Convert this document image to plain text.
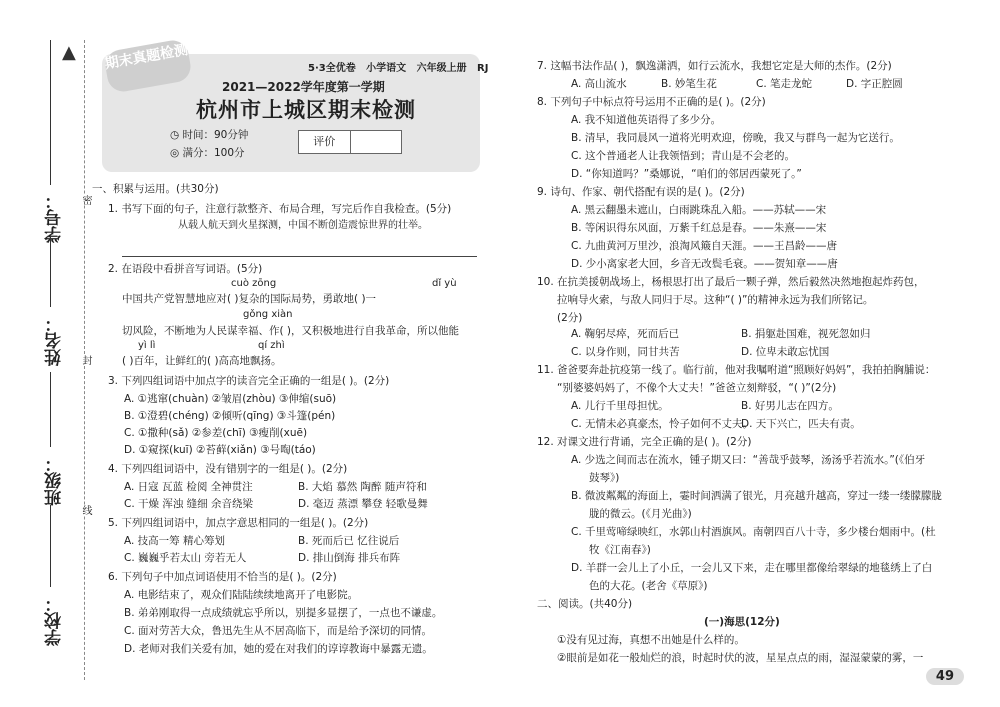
▲
学号：
姓名：
班级：
学校：
密
封
线
期末真题检测	5·3全优卷   小学语文   六年级上册   RJ
2021—2022学年度第一学期
杭州市上城区期末检测
◷ 时间：90分钟
◎ 满分：100分
评价
一、积累与运用。(共30分)
1. 书写下面的句子，注意行款整齐、布局合理，写完后作自我检查。(5分)
从载人航天到火星探测，中国不断创造震惊世界的壮举。
2. 在语段中看拼音写词语。(5分)
cuò zōng	dǐ yù
中国共产党智慧地应对( )复杂的国际局势，勇敢地( )一
gǒng xiàn
切风险，不断地为人民谋幸福、作( )，又积极地进行自我革命，所以他能
yì lì	qí zhì
( )百年，让鲜红的( )高高地飘扬。
3. 下列四组词语中加点字的读音完全正确的一组是( )。(2分)
A. ①逃窜(chuàn) ②皱眉(zhòu) ③伸缩(suō)
B. ①澄碧(chéng) ②倾听(qīng) ③斗篷(pén)
C. ①撒种(sǎ) ②参差(chī) ③瘦削(xuē)
D. ①窥探(kuī) ②苔藓(xiǎn) ③号啕(táo)
4. 下列四组词语中，没有错别字的一组是( )。(2分)
A. 日寇 瓦蓝 检阅 全神贯注	B. 大焰 慕然 陶醉 随声符和
C. 干燥 浑浊 缝细 余音绕梁	D. 毫迈 蒸漂 攀登 轻歌曼舞
5. 下列四组词语中，加点字意思相同的一组是( )。(2分)
A. 技高一筹 精心筹划	B. 死而后已 忆往说后
C. 巍巍乎若太山 旁若无人	D. 排山倒海 排兵布阵
6. 下列句子中加点词语使用不恰当的是( )。(2分)
A. 电影结束了，观众们陆陆续续地离开了电影院。
B. 弟弟刚取得一点成绩就忘乎所以，别提多显摆了，一点也不谦虚。
C. 面对劳苦大众，鲁迅先生从不居高临下，而是给予深切的同情。
D. 老师对我们关爱有加，她的爱在对我们的谆谆教诲中暴露无遗。
7. 这幅书法作品( )，飘逸潇洒，如行云流水，我想它定是大师的杰作。(2分)
A. 高山流水	B. 妙笔生花	C. 笔走龙蛇	D. 字正腔圆
8. 下列句子中标点符号运用不正确的是( )。(2分)
A. 我不知道他英语得了多少分。
B. 清早，我同晨风一道将光明欢迎，傍晚，我又与群鸟一起为它送行。
C. 这个普通老人让我领悟到；青山是不会老的。
D. “你知道吗？”桑娜说，“咱们的邻居西蒙死了。”
9. 诗句、作家、朝代搭配有误的是( )。(2分)
A. 黑云翻墨未遮山，白雨跳珠乱入船。——苏轼——宋
B. 等闲识得东风面，万紫千红总是春。——朱熹——宋
C. 九曲黄河万里沙，浪淘风簸自天涯。——王昌龄——唐
D. 少小离家老大回，乡音无改鬓毛衰。——贺知章——唐
10. 在抗美援朝战场上，杨根思打出了最后一颗子弹，然后毅然决然地抱起炸药包，
拉响导火索，与敌人同归于尽。这种“( )”的精神永远为我们所铭记。
(2分)
A. 鞠躬尽瘁，死而后已	B. 捐躯赴国难，视死忽如归
C. 以身作则，同甘共苦	D. 位卑未敢忘忧国
11. 爸爸要奔赴抗疫第一线了。临行前，他对我嘱咐道“照顾好妈妈”，我拍拍胸脯说：
“别婆婆妈妈了，不像个大丈夫！”爸爸立刻辩驳，“( )”(2分)
A. 儿行千里母担忧。	B. 好男儿志在四方。
C. 无情未必真豪杰，怜子如何不丈夫。
D. 天下兴亡，匹夫有责。
12. 对课文进行背诵，完全正确的是( )。(2分)
A. 少选之间而志在流水，锺子期又曰：“善哉乎鼓琴，汤汤乎若流水。”(《伯牙
鼓琴》)
B. 微波粼粼的海面上，霎时间洒满了银光，月亮越升越高，穿过一缕一缕朦朦胧
胧的微云。(《月光曲》)
C. 千里莺啼绿映红，水郭山村酒旗风。南朝四百八十寺，多少楼台烟雨中。(杜
牧《江南春》)
D. 羊群一会儿上了小丘，一会儿又下来，走在哪里都像给翠绿的地毯绣上了白
色的大花。(老舍《草原》)
二、阅读。(共40分)
(一)海思(12分)
①没有见过海，真想不出她是什么样的。
②眼前是如花一般灿烂的浪，时起时伏的波，星星点点的雨，湿湿蒙蒙的雾，一
49
